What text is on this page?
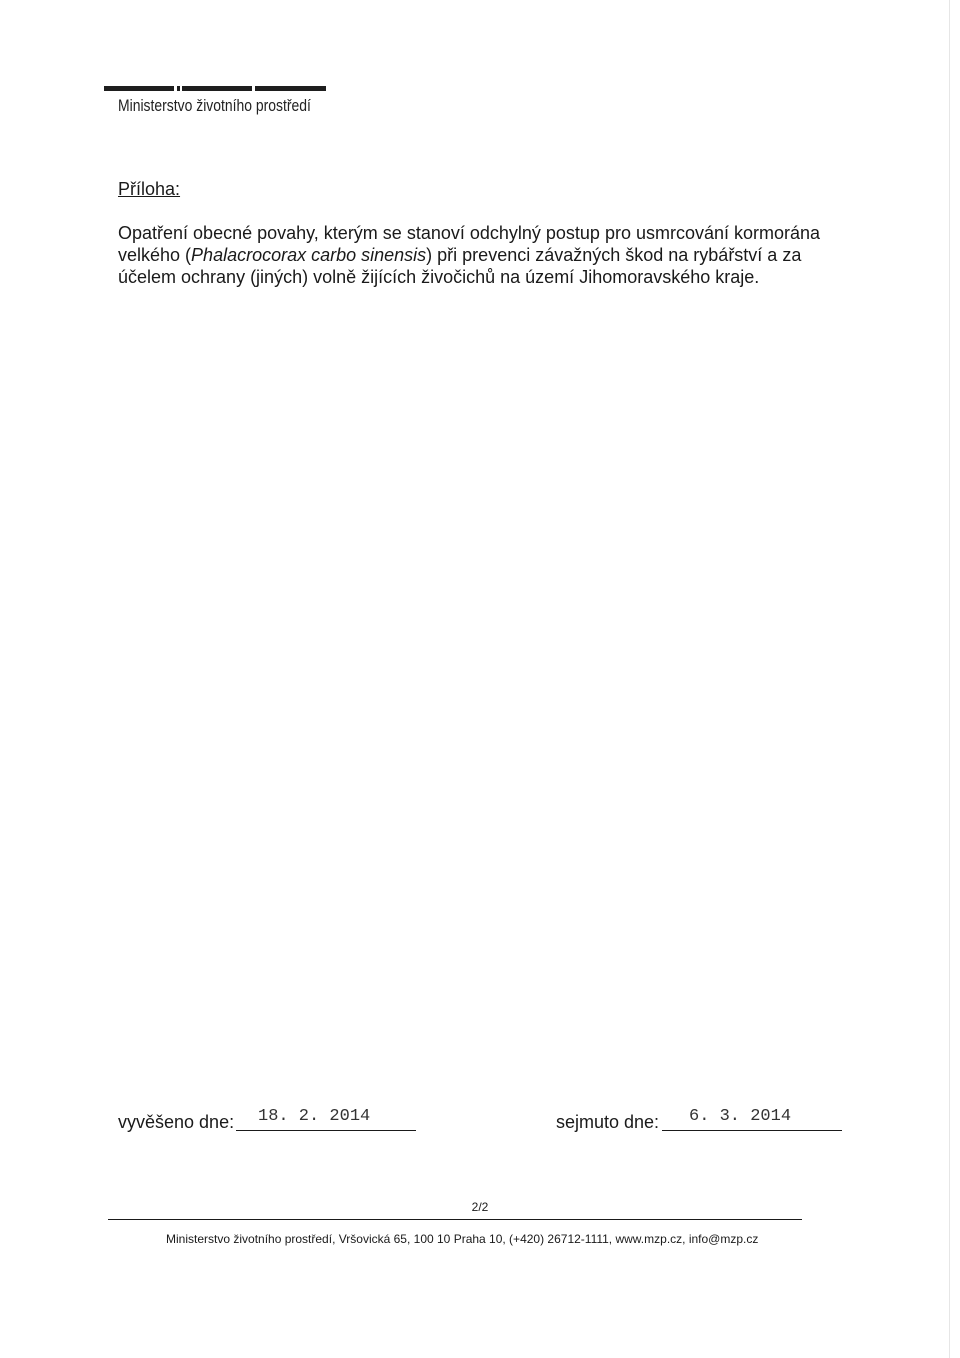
Ministerstvo životního prostředí
Příloha:
Opatření obecné povahy, kterým se stanoví odchylný postup pro usmrcování kormorána
velkého (Phalacrocorax carbo sinensis) při prevenci závažných škod na rybářství a za
účelem ochrany (jiných) volně žijících živočichů na území Jihomoravského kraje.
vyvěšeno dne: 18. 2. 2014	sejmuto dne: 6. 3. 2014
2/2
Ministerstvo životního prostředí, Vršovická 65, 100 10 Praha 10, (+420) 26712-1111, www.mzp.cz, info@mzp.cz
